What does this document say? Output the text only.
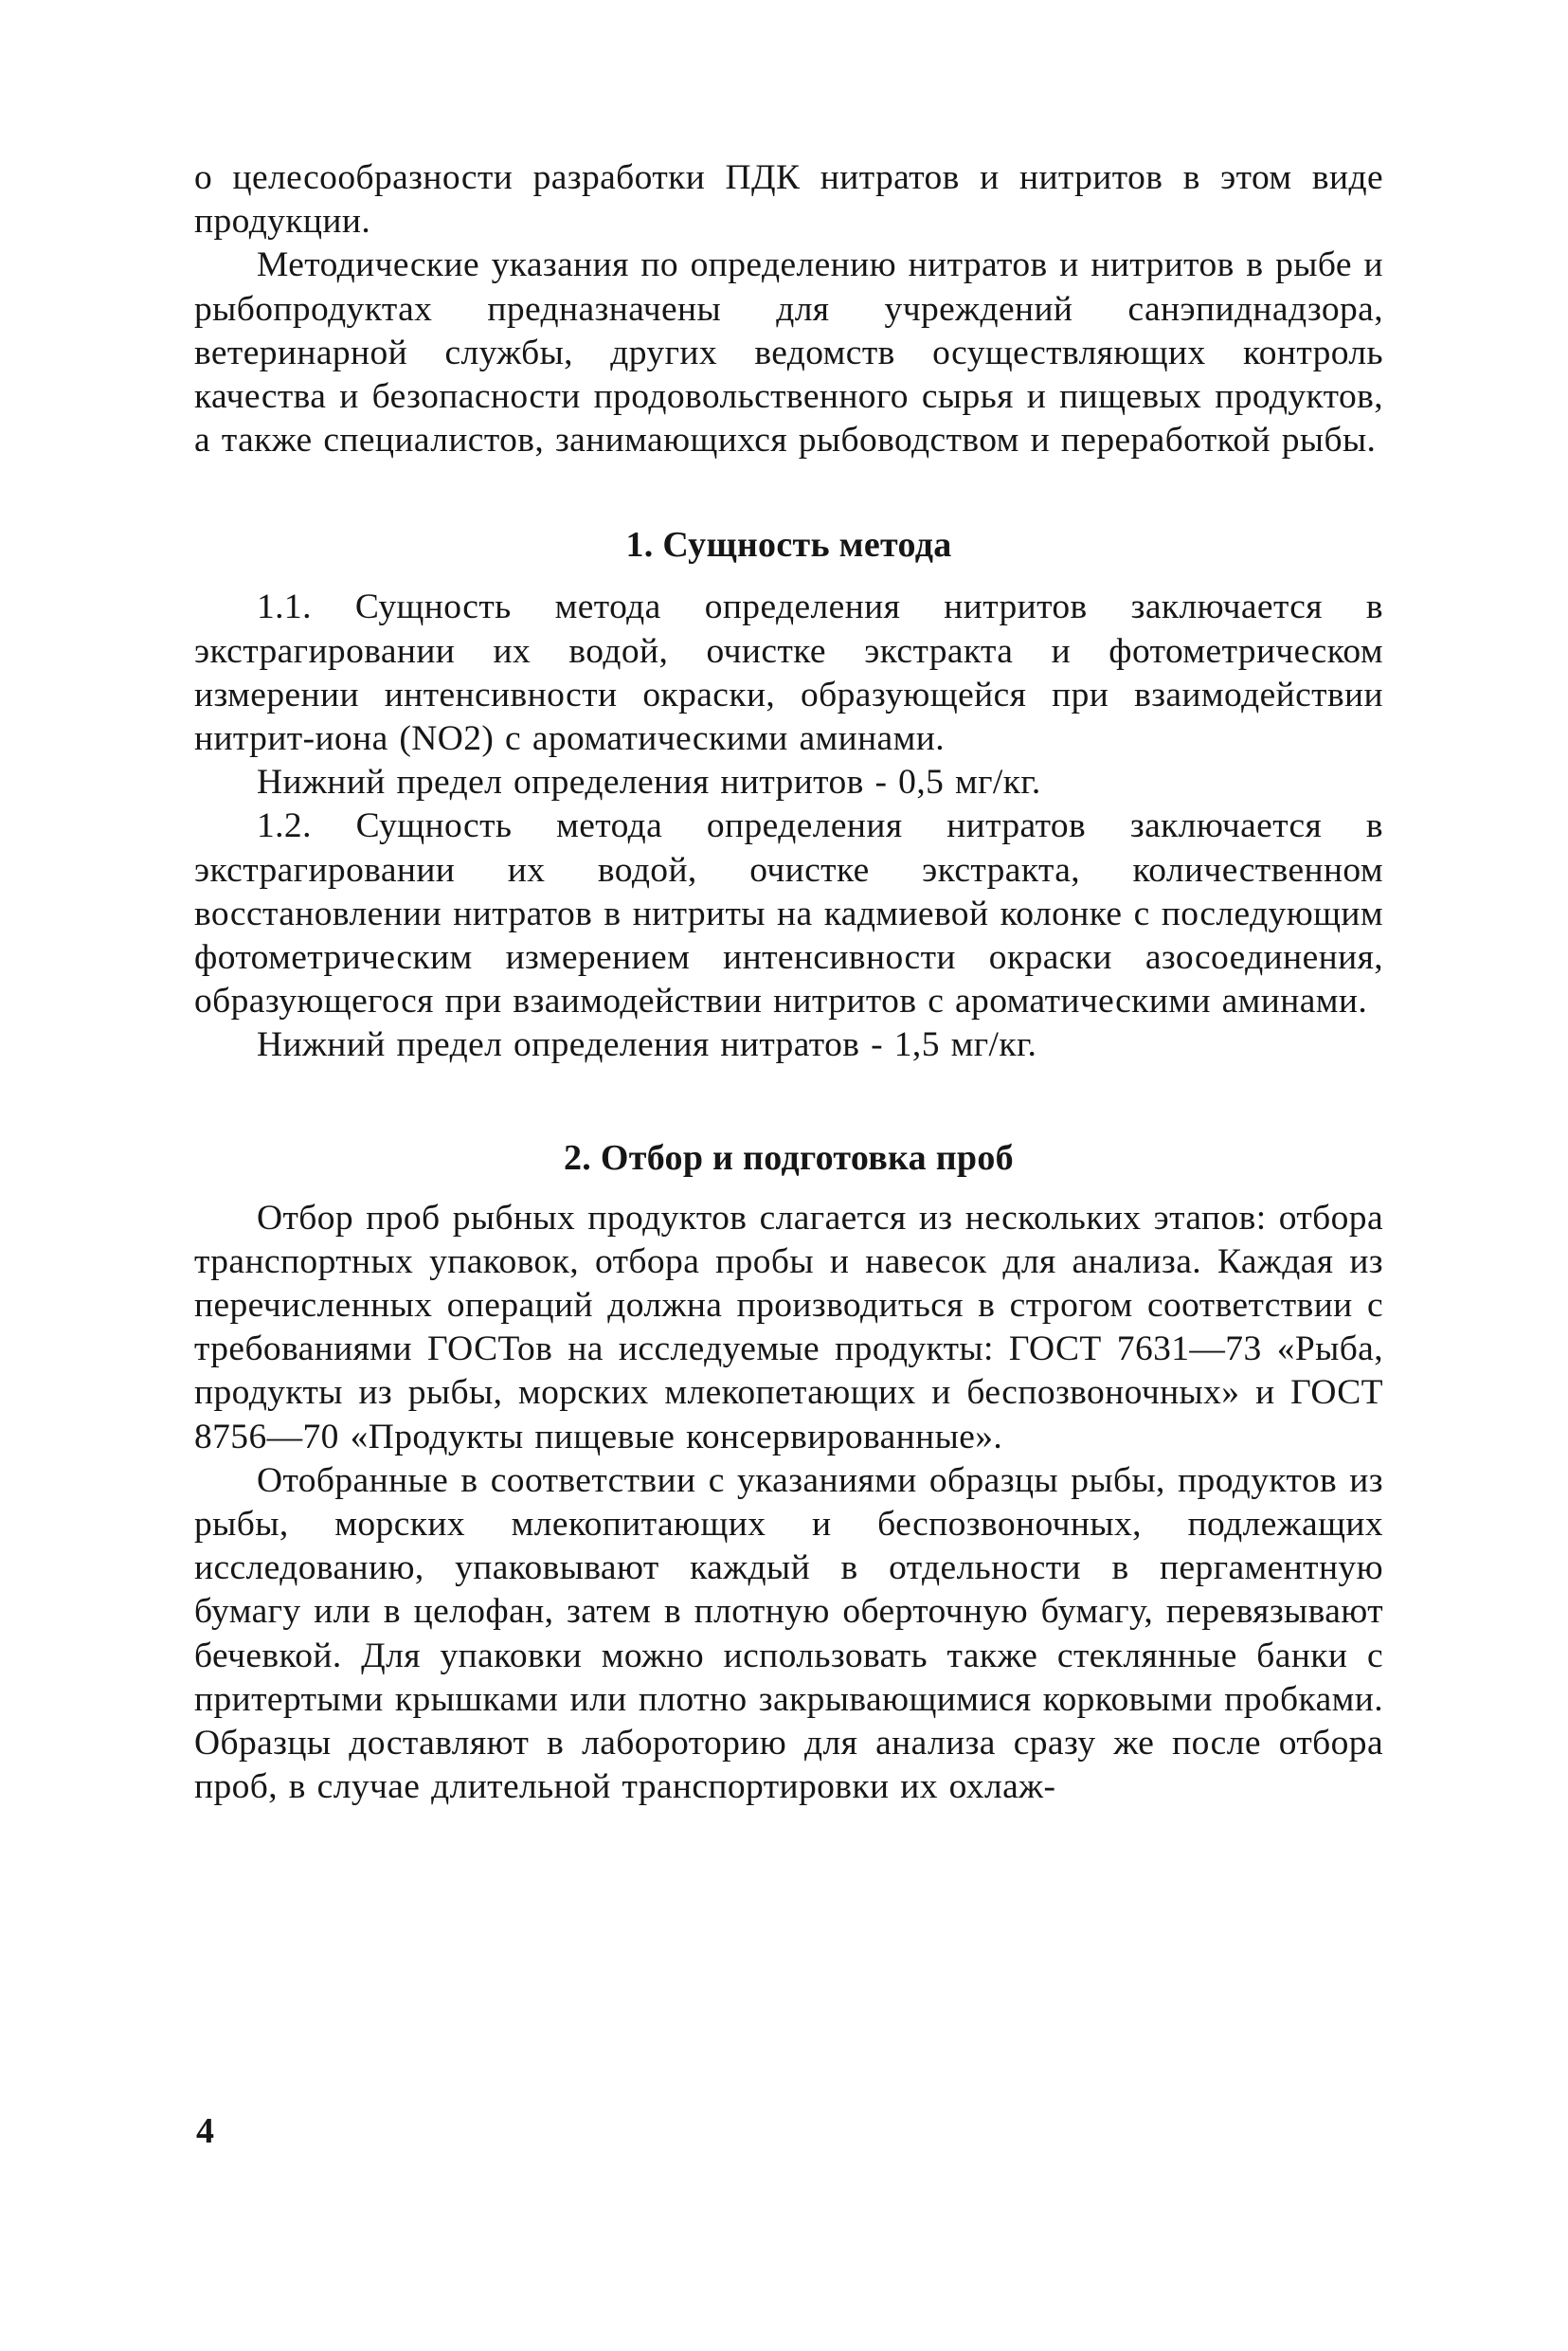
о целесообразности разработки ПДК нитратов и нитритов в этом виде продукции.

Методические указания по определению нитратов и нитритов в рыбе и рыбопродуктах предназначены для учреждений санэпиднадзора, ветеринарной службы, других ведомств осуществляющих контроль качества и безопасности продовольственного сырья и пищевых продуктов, а также специалистов, занимающихся рыбоводством и переработкой рыбы.

1. Сущность метода

1.1. Сущность метода определения нитритов заключается в экстрагировании их водой, очистке экстракта и фотометрическом измерении интенсивности окраски, образующейся при взаимодействии нитрит-иона (NO2) с ароматическими аминами.

Нижний предел определения нитритов - 0,5 мг/кг.

1.2. Сущность метода определения нитратов заключается в экстрагировании их водой, очистке экстракта, количественном восстановлении нитратов в нитриты на кадмиевой колонке с последующим фотометрическим измерением интенсивности окраски азосоединения, образующегося при взаимодействии нитритов с ароматическими аминами.

Нижний предел определения нитратов - 1,5 мг/кг.

2. Отбор и подготовка проб

Отбор проб рыбных продуктов слагается из нескольких этапов: отбора транспортных упаковок, отбора пробы и навесок для анализа. Каждая из перечисленных операций должна производиться в строгом соответствии с требованиями ГОСТов на исследуемые продукты: ГОСТ 7631—73 «Рыба, продукты из рыбы, морских млекопетающих и беспозвоночных» и ГОСТ 8756—70 «Продукты пищевые консервированные».

Отобранные в соответствии с указаниями образцы рыбы, продуктов из рыбы, морских млекопитающих и беспозвоночных, подлежащих исследованию, упаковывают каждый в отдельности в пергаментную бумагу или в целофан, затем в плотную оберточную бумагу, перевязывают бечевкой. Для упаковки можно использовать также стеклянные банки с притертыми крышками или плотно закрывающимися корковыми пробками. Образцы доставляют в лабороторию для анализа сразу же после отбора проб, в случае длительной транспортировки их охлаж-

4
